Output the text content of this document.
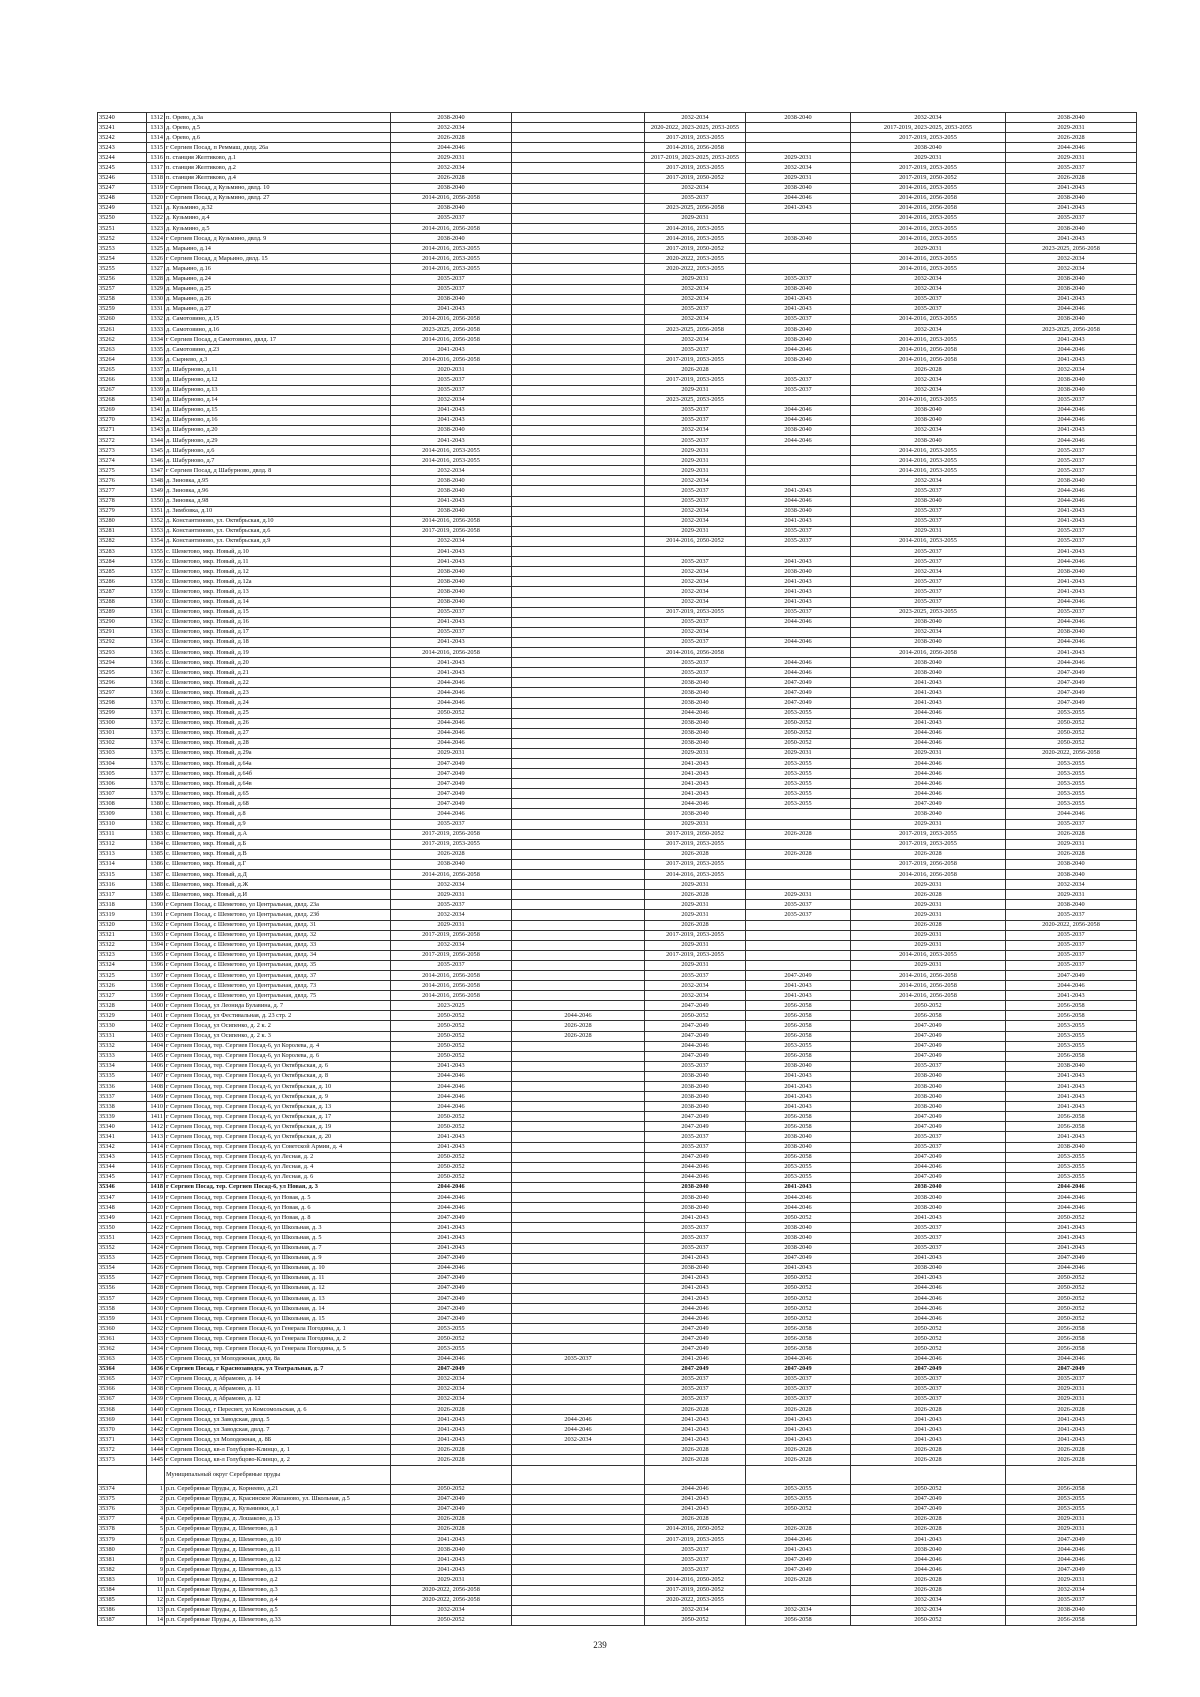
35240	1312	п. Орево, д.3а	2038-2040		2032-2034	2038-2040	2032-2034	2038-2040
35241	1313	д. Орево, д.5	2032-2034		2020-2022, 2023-2025, 2053-2055		2017-2019, 2023-2025, 2053-2055	2029-2031
35242	1314	д. Орево, д.6	2026-2028		2017-2019, 2053-2055		2017-2019, 2053-2055	2026-2028
35243	1315	г Сергиев Посад, п Реммаш, двлд. 26а	2044-2046		2014-2016, 2056-2058		2038-2040	2044-2046
35244	1316	п. станция Желтиково, д.1	2029-2031		2017-2019, 2023-2025, 2053-2055	2029-2031	2029-2031	2029-2031
35245	1317	п. станция Желтиково, д.2	2032-2034		2017-2019, 2053-2055	2032-2034	2017-2019, 2053-2055	2035-2037
35246	1318	п. станция Желтиково, д.4	2026-2028		2017-2019, 2050-2052	2029-2031	2017-2019, 2050-2052	2026-2028
35247	1319	г Сергиев Посад, д Кузьмино, двлд. 10	2038-2040		2032-2034	2038-2040	2014-2016, 2053-2055	2041-2043
35248	1320	г Сергиев Посад, д Кузьмино, двлд. 27	2014-2016, 2056-2058		2035-2037	2044-2046	2014-2016, 2056-2058	2038-2040
35249	1321	д. Кузьмино, д.32	2038-2040		2023-2025, 2056-2058	2041-2043	2014-2016, 2056-2058	2041-2043
35250	1322	д. Кузьмино, д.4	2035-2037		2029-2031		2014-2016, 2053-2055	2035-2037
35251	1323	д. Кузьмино, д.5	2014-2016, 2056-2058		2014-2016, 2053-2055		2014-2016, 2053-2055	2038-2040
35252	1324	г Сергиев Посад, д Кузьмино, двлд. 9	2038-2040		2014-2016, 2053-2055	2038-2040	2014-2016, 2053-2055	2041-2043
35253	1325	д. Марьино, д.14	2014-2016, 2053-2055		2017-2019, 2050-2052		2029-2031	2023-2025, 2056-2058
35254	1326	г Сергиев Посад, д Марьино, двлд. 15	2014-2016, 2053-2055		2020-2022, 2053-2055		2014-2016, 2053-2055	2032-2034
35255	1327	д. Марьино, д.16	2014-2016, 2053-2055		2020-2022, 2053-2055		2014-2016, 2053-2055	2032-2034
35256	1328	д. Марьино, д.24	2035-2037		2029-2031	2035-2037	2032-2034	2038-2040
35257	1329	д. Марьино, д.25	2035-2037		2032-2034	2038-2040	2032-2034	2038-2040
35258	1330	д. Марьино, д.26	2038-2040		2032-2034	2041-2043	2035-2037	2041-2043
35259	1331	д. Марьино, д.27	2041-2043		2035-2037	2041-2043	2035-2037	2044-2046
35260	1332	д. Самотовино, д.15	2014-2016, 2056-2058		2032-2034	2035-2037	2014-2016, 2053-2055	2038-2040
35261	1333	д. Самотовино, д.16	2023-2025, 2056-2058		2023-2025, 2056-2058	2038-2040	2032-2034	2023-2025, 2056-2058
35262	1334	г Сергиев Посад, д Самотовино, двлд. 17	2014-2016, 2056-2058		2032-2034	2038-2040	2014-2016, 2053-2055	2041-2043
35263	1335	д. Самотовино, д.23	2041-2043		2035-2037	2044-2046	2014-2016, 2056-2058	2044-2046
35264	1336	д. Сырнево, д.3	2014-2016, 2056-2058		2017-2019, 2053-2055	2038-2040	2014-2016, 2056-2058	2041-2043
35265	1337	д. Шабурново, д.11	2020-2031		2026-2028		2026-2028	2032-2034
35266	1338	д. Шабурново, д.12	2035-2037		2017-2019, 2053-2055	2035-2037	2032-2034	2038-2040
35267	1339	д. Шабурново, д.13	2035-2037		2029-2031	2035-2037	2032-2034	2038-2040
35268	1340	д. Шабурново, д.14	2032-2034		2023-2025, 2053-2055		2014-2016, 2053-2055	2035-2037
35269	1341	д. Шабурново, д.15	2041-2043		2035-2037	2044-2046	2038-2040	2044-2046
35270	1342	д. Шабурново, д.16	2041-2043		2035-2037	2044-2046	2038-2040	2044-2046
35271	1343	д. Шабурново, д.20	2038-2040		2032-2034	2038-2040	2032-2034	2041-2043
35272	1344	д. Шабурново, д.29	2041-2043		2035-2037	2044-2046	2038-2040	2044-2046
35273	1345	д. Шабурново, д.6	2014-2016, 2053-2055		2029-2031		2014-2016, 2053-2055	2035-2037
35274	1346	д. Шабурново, д.7	2014-2016, 2053-2055		2029-2031		2014-2016, 2053-2055	2035-2037
35275	1347	г Сергиев Посад, д Шабурново, двлд. 8	2032-2034		2029-2031		2014-2016, 2053-2055	2035-2037
35276	1348	д. Зиновка, д.95	2038-2040		2032-2034		2032-2034	2038-2040
35277	1349	д. Зиновка, д.96	2038-2040		2035-2037	2041-2043	2035-2037	2044-2046
35278	1350	д. Зиновка, д.98	2041-2043		2035-2037	2044-2046	2038-2040	2044-2046
35279	1351	д. Зимбовка, д.10	2038-2040		2032-2034	2038-2040	2035-2037	2041-2043
35280	1352	д. Константиново, ул. Октябрьская, д.10	2014-2016, 2056-2058		2032-2034	2041-2043	2035-2037	2041-2043
35281	1353	д. Константиново, ул. Октябрьская, д.6	2017-2019, 2056-2058		2029-2031	2035-2037	2029-2031	2035-2037
35282	1354	д. Константиново, ул. Октябрьская, д.9	2032-2034		2014-2016, 2050-2052	2035-2037	2014-2016, 2053-2055	2035-2037
35283	1355	с. Шеметово, мкр. Новый, д.10	2041-2043				2035-2037	2041-2043
35284	1356	с. Шеметово, мкр. Новый, д.11	2041-2043		2035-2037	2041-2043	2035-2037	2044-2046
35285	1357	с. Шеметово, мкр. Новый, д.12	2038-2040		2032-2034	2038-2040	2032-2034	2038-2040
35286	1358	с. Шеметово, мкр. Новый, д.12а	2038-2040		2032-2034	2041-2043	2035-2037	2041-2043
35287	1359	с. Шеметово, мкр. Новый, д.13	2038-2040		2032-2034	2041-2043	2035-2037	2041-2043
35288	1360	с. Шеметово, мкр. Новый, д.14	2038-2040		2032-2034	2041-2043	2035-2037	2044-2046
35289	1361	с. Шеметово, мкр. Новый, д.15	2035-2037		2017-2019, 2053-2055	2035-2037	2023-2025, 2053-2055	2035-2037
35290	1362	с. Шеметово, мкр. Новый, д.16	2041-2043		2035-2037	2044-2046	2038-2040	2044-2046
35291	1363	с. Шеметово, мкр. Новый, д.17	2035-2037		2032-2034		2032-2034	2038-2040
35292	1364	с. Шеметово, мкр. Новый, д.18	2041-2043		2035-2037	2044-2046	2038-2040	2044-2046
35293	1365	с. Шеметово, мкр. Новый, д.19	2014-2016, 2056-2058		2014-2016, 2056-2058		2014-2016, 2056-2058	2041-2043
35294	1366	с. Шеметово, мкр. Новый, д.20	2041-2043		2035-2037	2044-2046	2038-2040	2044-2046
35295	1367	с. Шеметово, мкр. Новый, д.21	2041-2043		2035-2037	2044-2046	2038-2040	2047-2049
35296	1368	с. Шеметово, мкр. Новый, д.22	2044-2046		2038-2040	2047-2049	2041-2043	2047-2049
35297	1369	с. Шеметово, мкр. Новый, д.23	2044-2046		2038-2040	2047-2049	2041-2043	2047-2049
35298	1370	с. Шеметово, мкр. Новый, д.24	2044-2046		2038-2040	2047-2049	2041-2043	2047-2049
35299	1371	с. Шеметово, мкр. Новый, д.25	2050-2052		2044-2046	2053-2055	2044-2046	2053-2055
35300	1372	с. Шеметово, мкр. Новый, д.26	2044-2046		2038-2040	2050-2052	2041-2043	2050-2052
35301	1373	с. Шеметово, мкр. Новый, д.27	2044-2046		2038-2040	2050-2052	2044-2046	2050-2052
35302	1374	с. Шеметово, мкр. Новый, д.28	2044-2046		2038-2040	2050-2052	2044-2046	2050-2052
35303	1375	с. Шеметово, мкр. Новый, д.29а	2029-2031		2029-2031	2029-2031	2029-2031	2020-2022, 2056-2058
35304	1376	с. Шеметово, мкр. Новый, д.64а	2047-2049		2041-2043	2053-2055	2044-2046	2053-2055
35305	1377	с. Шеметово, мкр. Новый, д.64б	2047-2049		2041-2043	2053-2055	2044-2046	2053-2055
35306	1378	с. Шеметово, мкр. Новый, д.64в	2047-2049		2041-2043	2053-2055	2044-2046	2053-2055
35307	1379	с. Шеметово, мкр. Новый, д.65	2047-2049		2041-2043	2053-2055	2044-2046	2053-2055
35308	1380	с. Шеметово, мкр. Новый, д.68	2047-2049		2044-2046	2053-2055	2047-2049	2053-2055
35309	1381	с. Шеметово, мкр. Новый, д.8	2044-2046		2038-2040		2038-2040	2044-2046
35310	1382	с. Шеметово, мкр. Новый, д.9	2035-2037		2029-2031		2029-2031	2035-2037
35311	1383	с. Шеметово, мкр. Новый, д.А	2017-2019, 2056-2058		2017-2019, 2050-2052	2026-2028	2017-2019, 2053-2055	2026-2028
35312	1384	с. Шеметово, мкр. Новый, д.Б	2017-2019, 2053-2055		2017-2019, 2053-2055		2017-2019, 2053-2055	2029-2031
35313	1385	с. Шеметово, мкр. Новый, д.В	2026-2028		2026-2028	2026-2028	2026-2028	2026-2028
35314	1386	с. Шеметово, мкр. Новый, д.Г	2038-2040		2017-2019, 2053-2055		2017-2019, 2056-2058	2038-2040
35315	1387	с. Шеметово, мкр. Новый, д.Д	2014-2016, 2056-2058		2014-2016, 2053-2055		2014-2016, 2056-2058	2038-2040
35316	1388	с. Шеметово, мкр. Новый, д.Ж	2032-2034		2029-2031		2029-2031	2032-2034
35317	1389	с. Шеметово, мкр. Новый, д.И	2029-2031		2026-2028	2029-2031	2026-2028	2029-2031
35318	1390	г Сергиев Посад, с Шеметово, ул Центральная, двлд. 23а	2035-2037		2029-2031	2035-2037	2029-2031	2038-2040
35319	1391	г Сергиев Посад, с Шеметово, ул Центральная, двлд. 23б	2032-2034		2029-2031	2035-2037	2029-2031	2035-2037
35320	1392	г Сергиев Посад, с Шеметово, ул Центральная, двлд. 31	2029-2031		2026-2028		2026-2028	2020-2022, 2056-2058
35321	1393	г Сергиев Посад, с Шеметово, ул Центральная, двлд. 32	2017-2019, 2056-2058		2017-2019, 2053-2055		2029-2031	2035-2037
35322	1394	г Сергиев Посад, с Шеметово, ул Центральная, двлд. 33	2032-2034		2029-2031		2029-2031	2035-2037
35323	1395	г Сергиев Посад, с Шеметово, ул Центральная, двлд. 34	2017-2019, 2056-2058		2017-2019, 2053-2055		2014-2016, 2053-2055	2035-2037
35324	1396	г Сергиев Посад, с Шеметово, ул Центральная, двлд. 35	2035-2037		2029-2031		2029-2031	2035-2037
35325	1397	г Сергиев Посад, с Шеметово, ул Центральная, двлд. 37	2014-2016, 2056-2058		2035-2037	2047-2049	2014-2016, 2056-2058	2047-2049
35326	1398	г Сергиев Посад, с Шеметово, ул Центральная, двлд. 73	2014-2016, 2056-2058		2032-2034	2041-2043	2014-2016, 2056-2058	2044-2046
35327	1399	г Сергиев Посад, с Шеметово, ул Центральная, двлд. 75	2014-2016, 2056-2058		2032-2034	2041-2043	2014-2016, 2056-2058	2041-2043
35328	1400	г Сергиев Посад, ул Леонида Булавина, д. 7	2023-2025		2047-2049	2056-2058	2050-2052	2056-2058
35329	1401	г Сергиев Посад, ул Фестивальная, д. 23 стр. 2	2050-2052	2044-2046	2050-2052	2056-2058	2056-2058	2056-2058
35330	1402	г Сергиев Посад, ул Осипенко, д. 2 к. 2	2050-2052	2026-2028	2047-2049	2056-2058	2047-2049	2053-2055
35331	1403	г Сергиев Посад, ул Осипенко, д. 2 к. 3	2050-2052	2026-2028	2047-2049	2056-2058	2047-2049	2053-2055
35332	1404	г Сергиев Посад, тер. Сергиев Посад-6, ул Королева, д. 4	2050-2052		2044-2046	2053-2055	2047-2049	2053-2055
35333	1405	г Сергиев Посад, тер. Сергиев Посад-6, ул Королева, д. 6	2050-2052		2047-2049	2056-2058	2047-2049	2056-2058
35334	1406	г Сергиев Посад, тер. Сергиев Посад-6, ул Октябрьская, д. 6	2041-2043		2035-2037	2038-2040	2035-2037	2038-2040
35335	1407	г Сергиев Посад, тер. Сергиев Посад-6, ул Октябрьская, д. 8	2044-2046		2038-2040	2041-2043	2038-2040	2041-2043
35336	1408	г Сергиев Посад, тер. Сергиев Посад-6, ул Октябрьская, д. 10	2044-2046		2038-2040	2041-2043	2038-2040	2041-2043
35337	1409	г Сергиев Посад, тер. Сергиев Посад-6, ул Октябрьская, д. 9	2044-2046		2038-2040	2041-2043	2038-2040	2041-2043
35338	1410	г Сергиев Посад, тер. Сергиев Посад-6, ул Октябрьская, д. 13	2044-2046		2038-2040	2041-2043	2038-2040	2041-2043
35339	1411	г Сергиев Посад, тер. Сергиев Посад-6, ул Октябрьская, д. 17	2050-2052		2047-2049	2056-2058	2047-2049	2056-2058
35340	1412	г Сергиев Посад, тер. Сергиев Посад-6, ул Октябрьская, д. 19	2050-2052		2047-2049	2056-2058	2047-2049	2056-2058
35341	1413	г Сергиев Посад, тер. Сергиев Посад-6, ул Октябрьская, д. 20	2041-2043		2035-2037	2038-2040	2035-2037	2041-2043
35342	1414	г Сергиев Посад, тер. Сергиев Посад-6, ул Советской Армии, д. 4	2041-2043		2035-2037	2038-2040	2035-2037	2038-2040
35343	1415	г Сергиев Посад, тер. Сергиев Посад-6, ул Лесная, д. 2	2050-2052		2047-2049	2056-2058	2047-2049	2053-2055
35344	1416	г Сергиев Посад, тер. Сергиев Посад-6, ул Лесная, д. 4	2050-2052		2044-2046	2053-2055	2044-2046	2053-2055
35345	1417	г Сергиев Посад, тер. Сергиев Посад-6, ул Лесная, д. 6	2050-2052		2044-2046	2053-2055	2047-2049	2053-2055
35346	1418	г Сергиев Посад, тер. Сергиев Посад-6, ул Новая, д. 3	2044-2046		2038-2040	2041-2043	2038-2040	2044-2046
35347	1419	г Сергиев Посад, тер. Сергиев Посад-6, ул Новая, д. 5	2044-2046		2038-2040	2044-2046	2038-2040	2044-2046
35348	1420	г Сергиев Посад, тер. Сергиев Посад-6, ул Новая, д. 6	2044-2046		2038-2040	2044-2046	2038-2040	2044-2046
35349	1421	г Сергиев Посад, тер. Сергиев Посад-6, ул Новая, д. 8	2047-2049		2041-2043	2050-2052	2041-2043	2050-2052
35350	1422	г Сергиев Посад, тер. Сергиев Посад-6, ул Школьная, д. 3	2041-2043		2035-2037	2038-2040	2035-2037	2041-2043
35351	1423	г Сергиев Посад, тер. Сергиев Посад-6, ул Школьная, д. 5	2041-2043		2035-2037	2038-2040	2035-2037	2041-2043
35352	1424	г Сергиев Посад, тер. Сергиев Посад-6, ул Школьная, д. 7	2041-2043		2035-2037	2038-2040	2035-2037	2041-2043
35353	1425	г Сергиев Посад, тер. Сергиев Посад-6, ул Школьная, д. 9	2047-2049		2041-2043	2047-2049	2041-2043	2047-2049
35354	1426	г Сергиев Посад, тер. Сергиев Посад-6, ул Школьная, д. 10	2044-2046		2038-2040	2041-2043	2038-2040	2044-2046
35355	1427	г Сергиев Посад, тер. Сергиев Посад-6, ул Школьная, д. 11	2047-2049		2041-2043	2050-2052	2041-2043	2050-2052
35356	1428	г Сергиев Посад, тер. Сергиев Посад-6, ул Школьная, д. 12	2047-2049		2041-2043	2050-2052	2044-2046	2050-2052
35357	1429	г Сергиев Посад, тер. Сергиев Посад-6, ул Школьная, д. 13	2047-2049		2041-2043	2050-2052	2044-2046	2050-2052
35358	1430	г Сергиев Посад, тер. Сергиев Посад-6, ул Школьная, д. 14	2047-2049		2044-2046	2050-2052	2044-2046	2050-2052
35359	1431	г Сергиев Посад, тер. Сергиев Посад-6, ул Школьная, д. 15	2047-2049		2044-2046	2050-2052	2044-2046	2050-2052
35360	1432	г Сергиев Посад, тер. Сергиев Посад-6, ул Генерала Погодина, д. 1	2053-2055		2047-2049	2056-2058	2050-2052	2056-2058
35361	1433	г Сергиев Посад, тер. Сергиев Посад-6, ул Генерала Погодина, д. 2	2050-2052		2047-2049	2056-2058	2050-2052	2056-2058
35362	1434	г Сергиев Посад, тер. Сергиев Посад-6, ул Генерала Погодина, д. 5	2053-2055		2047-2049	2056-2058	2050-2052	2056-2058
35363	1435	г Сергиев Посад, ул Молодежная, двлд. 8а	2044-2046	2035-2037	2041-2046	2044-2046	2044-2046	2044-2046
35364	1436	г Сергиев Посад, г Краснозаводск, ул Театральная, д. 7	2047-2049		2047-2049	2047-2049	2047-2049	2047-2049
35365	1437	г Сергиев Посад, д Абрамово, д. 14	2032-2034		2035-2037	2035-2037	2035-2037	2035-2037
35366	1438	г Сергиев Посад, д Абрамово, д. 11	2032-2034		2035-2037	2035-2037	2035-2037	2029-2031
35367	1439	г Сергиев Посад, д Абрамово, д. 12	2032-2034		2035-2037	2035-2037	2035-2037	2029-2031
35368	1440	г Сергиев Посад, г Пересвет, ул Комсомольская, д. 6	2026-2028		2026-2028	2026-2028	2026-2028	2026-2028
35369	1441	г Сергиев Посад, ул Заводская, двлд. 5	2041-2043	2044-2046	2041-2043	2041-2043	2041-2043	2041-2043
35370	1442	г Сергиев Посад, ул Заводская, двлд. 7	2041-2043	2044-2046	2041-2043	2041-2043	2041-2043	2041-2043
35371	1443	г Сергиев Посад, ул Молодежная, д. 8Б	2041-2043	2032-2034	2041-2043	2041-2043	2041-2043	2041-2043
35372	1444	г Сергиев Посад, кв-л Голубцово-Клинцо, д. 1	2026-2028		2026-2028	2026-2028	2026-2028	2026-2028
35373	1445	г Сергиев Посад, кв-л Голубцово-Клинцо, д. 2	2026-2028		2026-2028	2026-2028	2026-2028	2026-2028
		Муниципальный округ Серебряные пруды						
35374	1	р.п. Серебряные Пруды, д. Корнеево, д.21	2050-2052		2044-2046	2053-2055	2050-2052	2056-2058
35375	2	р.п. Серебряные Пруды, д. Красинское Жиланово, ул. Школьная, д.5	2047-2049		2041-2043	2053-2055	2047-2049	2053-2055
35376	3	р.п. Серебряные Пруды, д. Кузьминки, д.1	2047-2049		2041-2043	2050-2052	2047-2049	2053-2055
35377	4	р.п. Серебряные Пруды, д. Лошаково, д.13	2026-2028		2026-2028		2026-2028	2029-2031
35378	5	р.п. Серебряные Пруды, д. Шеметово, д.1	2026-2028		2014-2016, 2050-2052	2026-2028	2026-2028	2029-2031
35379	6	р.п. Серебряные Пруды, д. Шеметово, д.10	2041-2043		2017-2019, 2053-2055	2044-2046	2041-2043	2047-2049
35380	7	р.п. Серебряные Пруды, д. Шеметово, д.11	2038-2040		2035-2037	2041-2043	2038-2040	2044-2046
35381	8	р.п. Серебряные Пруды, д. Шеметово, д.12	2041-2043		2035-2037	2047-2049	2044-2046	2044-2046
35382	9	р.п. Серебряные Пруды, д. Шеметово, д.13	2041-2043		2035-2037	2047-2049	2044-2046	2047-2049
35383	10	р.п. Серебряные Пруды, д. Шеметово, д.2	2029-2031		2014-2016, 2050-2052	2026-2028	2026-2028	2029-2031
35384	11	р.п. Серебряные Пруды, д. Шеметово, д.3	2020-2022, 2056-2058		2017-2019, 2050-2052		2026-2028	2032-2034
35385	12	р.п. Серебряные Пруды, д. Шеметово, д.4	2020-2022, 2056-2058		2020-2022, 2053-2055		2032-2034	2035-2037
35386	13	р.п. Серебряные Пруды, д. Шеметово, д.5	2032-2034		2032-2034	2032-2034	2032-2034	2038-2040
35387	14	р.п. Серебряные Пруды, д. Шеметово, д.33	2050-2052		2050-2052	2056-2058	2050-2052	2056-2058
239
